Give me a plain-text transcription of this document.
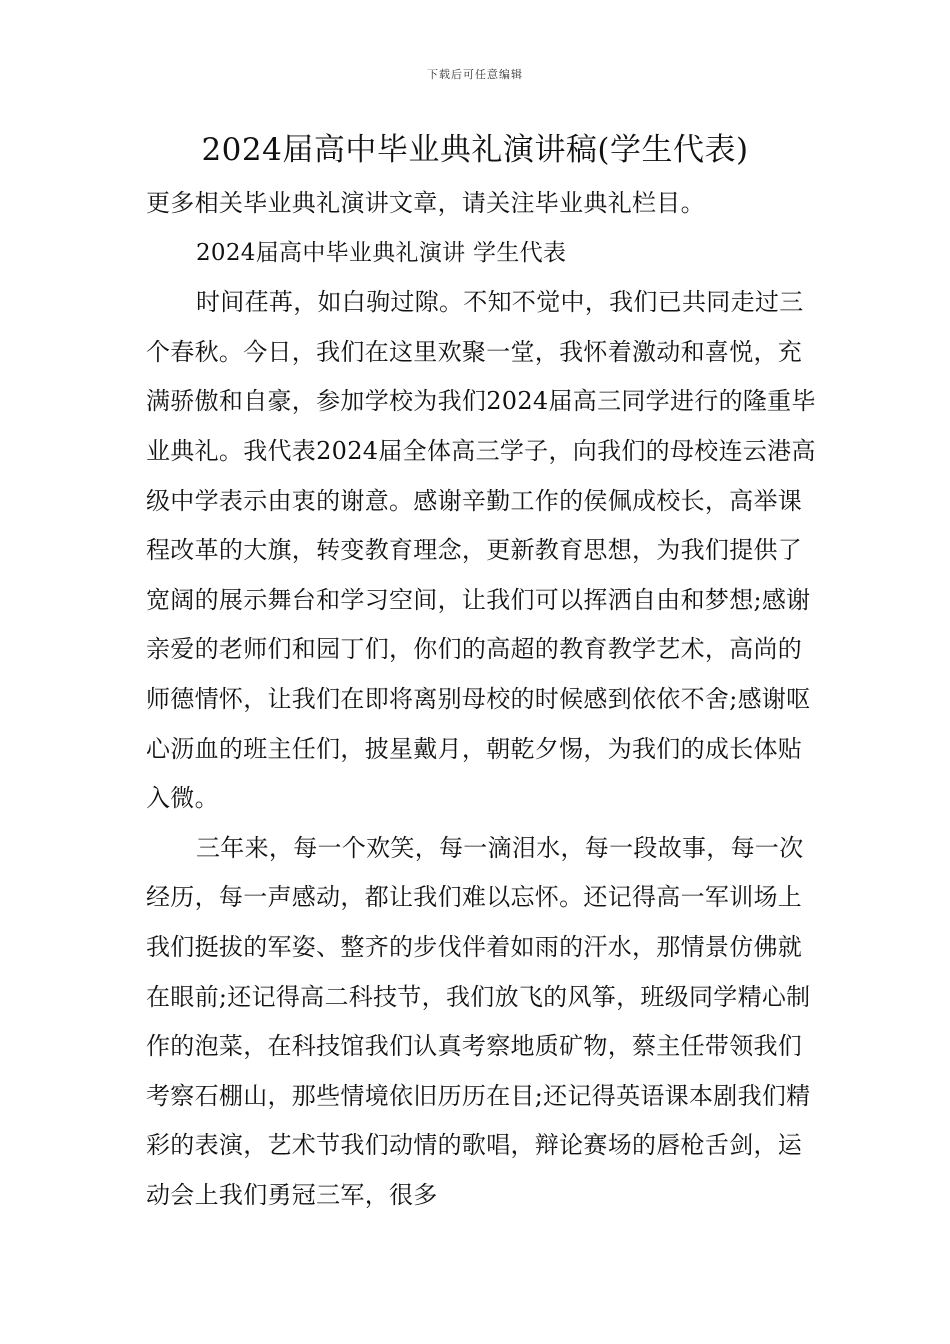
下载后可任意编辑
2024届高中毕业典礼演讲稿(学生代表)

更多相关毕业典礼演讲文章，请关注毕业典礼栏目。

2024届高中毕业典礼演讲 学生代表

时间荏苒，如白驹过隙。不知不觉中，我们已共同走过三个春秋。今日，我们在这里欢聚一堂，我怀着激动和喜悦，充满骄傲和自豪，参加学校为我们2024届高三同学进行的隆重毕业典礼。我代表2024届全体高三学子，向我们的母校连云港高级中学表示由衷的谢意。感谢辛勤工作的侯佩成校长，高举课程改革的大旗，转变教育理念，更新教育思想，为我们提供了宽阔的展示舞台和学习空间，让我们可以挥洒自由和梦想;感谢亲爱的老师们和园丁们，你们的高超的教育教学艺术，高尚的师德情怀，让我们在即将离别母校的时候感到依依不舍;感谢呕心沥血的班主任们，披星戴月，朝乾夕惕，为我们的成长体贴入微。

三年来，每一个欢笑，每一滴泪水，每一段故事，每一次经历，每一声感动，都让我们难以忘怀。还记得高一军训场上我们挺拔的军姿、整齐的步伐伴着如雨的汗水，那情景仿佛就在眼前;还记得高二科技节，我们放飞的风筝，班级同学精心制作的泡菜，在科技馆我们认真考察地质矿物，蔡主任带领我们考察石棚山，那些情境依旧历历在目;还记得英语课本剧我们精彩的表演，艺术节我们动情的歌唱，辩论赛场的唇枪舌剑，运动会上我们勇冠三军，很多
